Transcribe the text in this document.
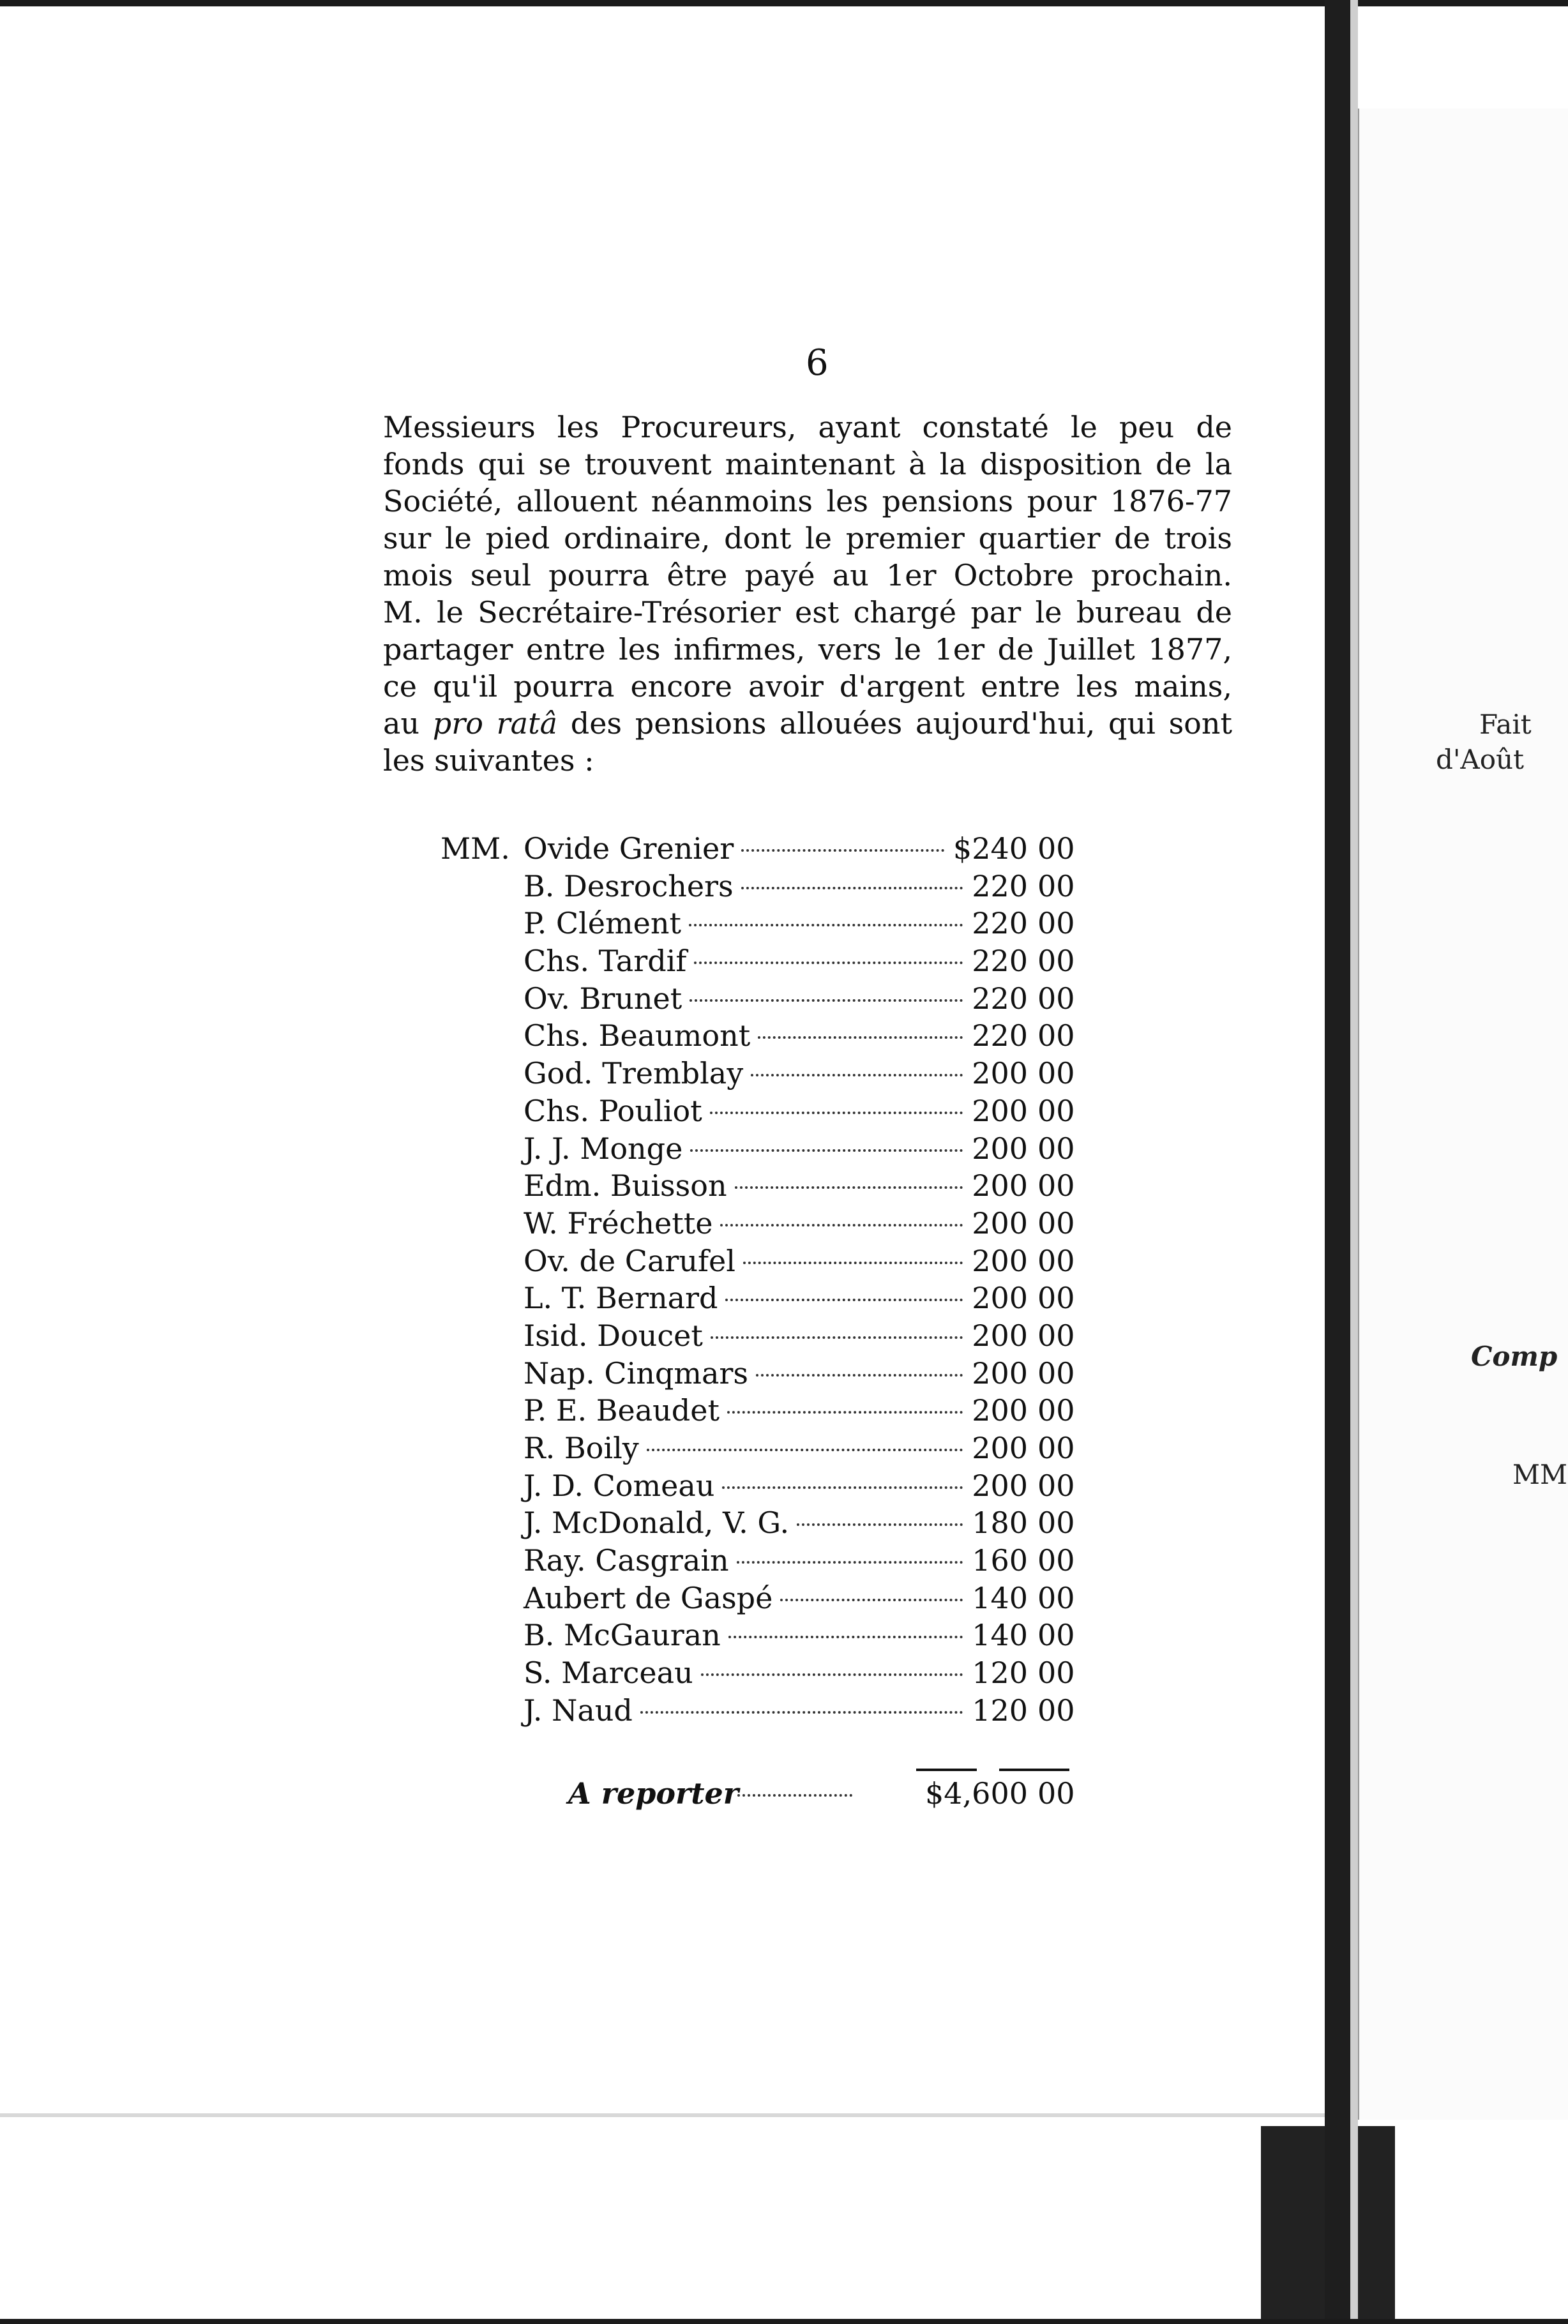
6
Messieurs les Procureurs, ayant constaté le peu de
fonds qui se trouvent maintenant à la disposition de la
Société, allouent néanmoins les pensions pour 1876-77
sur le pied ordinaire, dont le premier quartier de trois
mois seul pourra être payé au 1er Octobre prochain.
M. le Secrétaire-Trésorier est chargé par le bureau de
partager entre les infirmes, vers le 1er de Juillet 1877,
ce qu'il pourra encore avoir d'argent entre les mains,
au pro ratâ des pensions allouées aujourd'hui, qui sont
les suivantes :
MM. Ovide Grenier	$240 00
B. Desrochers	220 00
P. Clément	220 00
Chs. Tardif	220 00
Ov. Brunet	220 00
Chs. Beaumont	220 00
God. Tremblay	200 00
Chs. Pouliot	200 00
J. J. Monge	200 00
Edm. Buisson	200 00
W. Fréchette	200 00
Ov. de Carufel	200 00
L. T. Bernard	200 00
Isid. Doucet	200 00
Nap. Cinqmars	200 00
P. E. Beaudet	200 00
R. Boily	200 00
J. D. Comeau	200 00
J. McDonald, V. G.	180 00
Ray. Casgrain	160 00
Aubert de Gaspé	140 00
B. McGauran	140 00
S. Marceau	120 00
J. Naud	120 00
A reporter	$4,600 00
Fait
d'Août
Comp
MM
